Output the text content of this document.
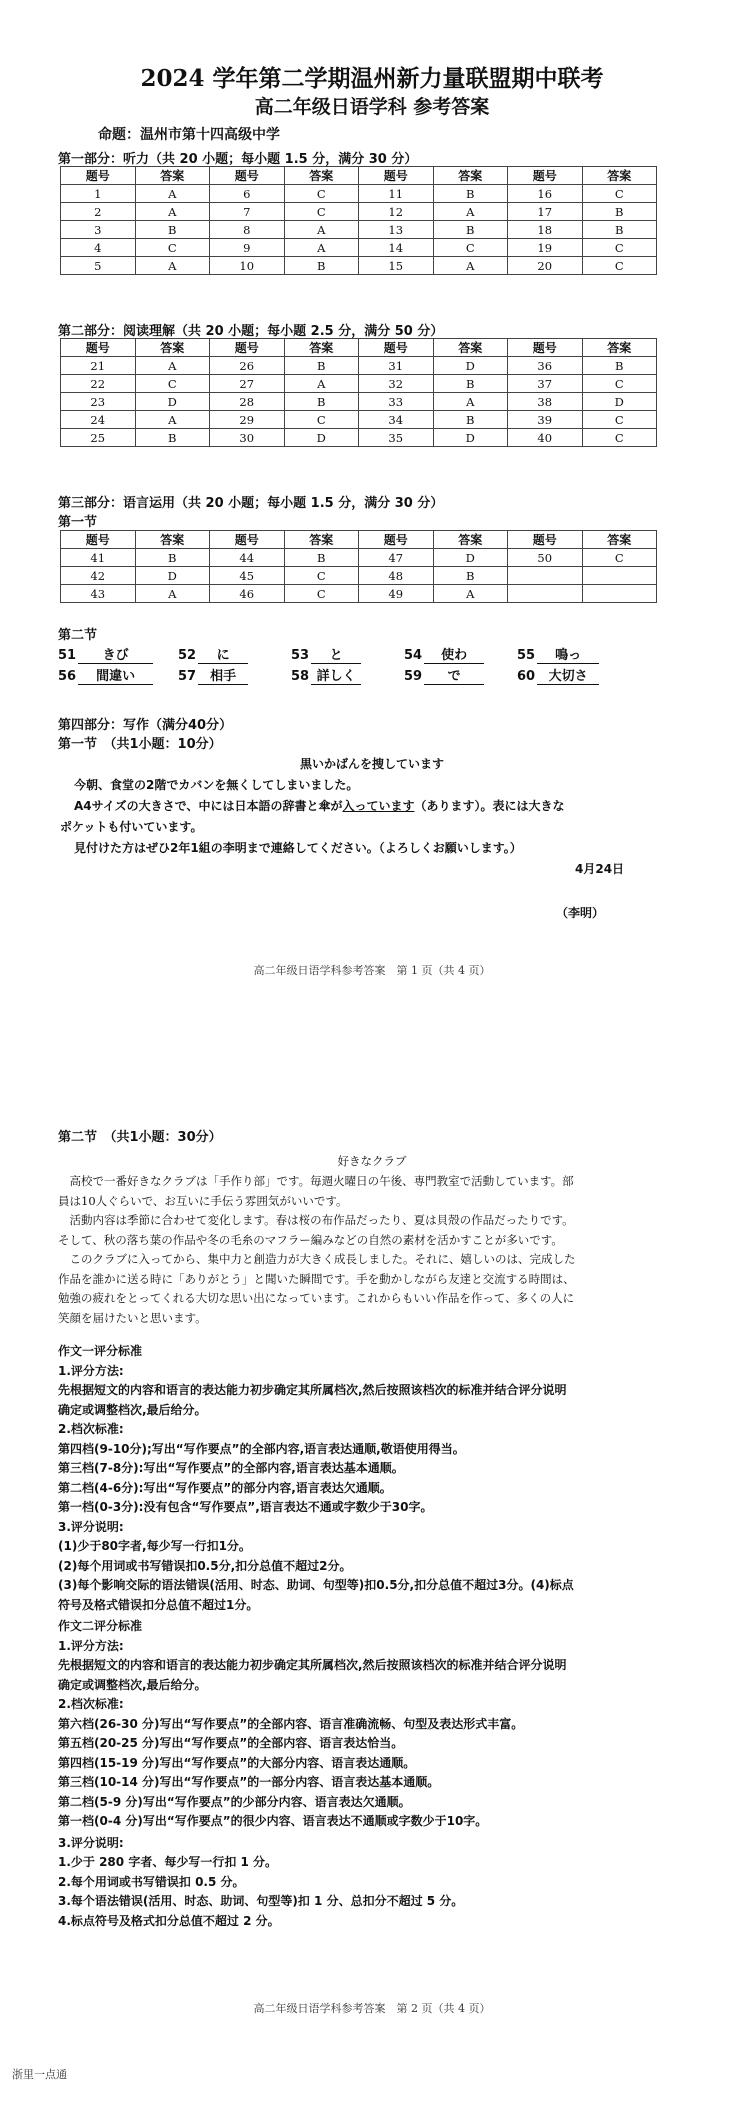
2024 学年第二学期温州新力量联盟期中联考
高二年级日语学科 参考答案
命题：温州市第十四高级中学
第一部分：听力（共 20 小题；每小题 1.5 分，满分 30 分）
题号	答案	题号	答案	题号	答案	题号	答案
1	A	6	C	11	B	16	C
2	A	7	C	12	A	17	B
3	B	8	A	13	B	18	B
4	C	9	A	14	C	19	C
5	A	10	B	15	A	20	C
第二部分：阅读理解（共 20 小题；每小题 2.5 分，满分 50 分）
题号	答案	题号	答案	题号	答案	题号	答案
21	A	26	B	31	D	36	B
22	C	27	A	32	B	37	C
23	D	28	B	33	A	38	D
24	A	29	C	34	B	39	C
25	B	30	D	35	D	40	C
第三部分：语言运用（共 20 小题；每小题 1.5 分，满分 30 分）
第一节
题号	答案	题号	答案	题号	答案	题号	答案
41	B	44	B	47	D	50	C
42	D	45	C	48	B		
43	A	46	C	49	A		
第二节
51 きび	52 に	53 と	54 使わ	55 鳴っ
56 間違い	57 相手	58 詳しく	59 で	60 大切さ
第四部分：写作（满分40分）
第一节　（共1小题：10分）
黒いかばんを捜しています
今朝、食堂の2階でカバンを無くしてしまいました。
A4サイズの大きさで、中には日本語の辞書と傘が入っています（あります）。表には大きな
ポケットも付いています。
見付けた方はぜひ2年1組の李明まで連絡してください。（よろしくお願いします。）
4月24日
（李明）
高二年级日语学科参考答案　第 1 页（共 4 页）
第二节　（共1小题：30分）
好きなクラブ
　高校で一番好きなクラブは「手作り部」です。毎週火曜日の午後、専門教室で活動しています。部
員は10人ぐらいで、お互いに手伝う雰囲気がいいです。
　活動内容は季節に合わせて変化します。春は桜の布作品だったり、夏は貝殻の作品だったりです。
そして、秋の落ち葉の作品や冬の毛糸のマフラー編みなどの自然の素材を活かすことが多いです。
　このクラブに入ってから、集中力と創造力が大きく成長しました。それに、嬉しいのは、完成した
作品を誰かに送る時に「ありがとう」と聞いた瞬間です。手を動かしながら友達と交流する時間は、
勉強の疲れをとってくれる大切な思い出になっています。これからもいい作品を作って、多くの人に
笑顔を届けたいと思います。
作文一评分标准
1.评分方法:
先根据短文的内容和语言的表达能力初步确定其所属档次,然后按照该档次的标准并结合评分说明
确定或调整档次,最后给分。
2.档次标准:
第四档(9-10分);写出“写作要点”的全部内容,语言表达通顺,敬语使用得当。
第三档(7-8分):写出“写作要点”的全部内容,语言表达基本通顺。
第二档(4-6分):写出“写作要点”的部分内容,语言表达欠通顺。
第一档(0-3分):没有包含“写作要点”,语言表达不通或字数少于30字。
3.评分说明:
(1)少于80字者,每少写一行扣1分。
(2)每个用词或书写错误扣0.5分,扣分总值不超过2分。
(3)每个影响交际的语法错误(活用、时态、助词、句型等)扣0.5分,扣分总值不超过3分。(4)标点
符号及格式错误扣分总值不超过1分。
作文二评分标准
1.评分方法:
先根据短文的内容和语言的表达能力初步确定其所属档次,然后按照该档次的标准并结合评分说明
确定或调整档次,最后给分。
2.档次标准:
第六档(26-30 分)写出“写作要点”的全部内容、语言准确流畅、句型及表达形式丰富。
第五档(20-25 分)写出“写作要点”的全部内容、语言表达恰当。
第四档(15-19 分)写出“写作要点”的大部分内容、语言表达通顺。
第三档(10-14 分)写出“写作要点”的一部分内容、语言表达基本通顺。
第二档(5-9 分)写出“写作要点”的少部分内容、语言表达欠通顺。
第一档(0-4 分)写出“写作要点”的很少内容、语言表达不通顺或字数少于10字。
3.评分说明:
1.少于 280 字者、每少写一行扣 1 分。
2.每个用词或书写错误扣 0.5 分。
3.每个语法错误(活用、时态、助词、句型等)扣 1 分、总扣分不超过 5 分。
4.标点符号及格式扣分总值不超过 2 分。
高二年级日语学科参考答案　第 2 页（共 4 页）
浙里一点通
